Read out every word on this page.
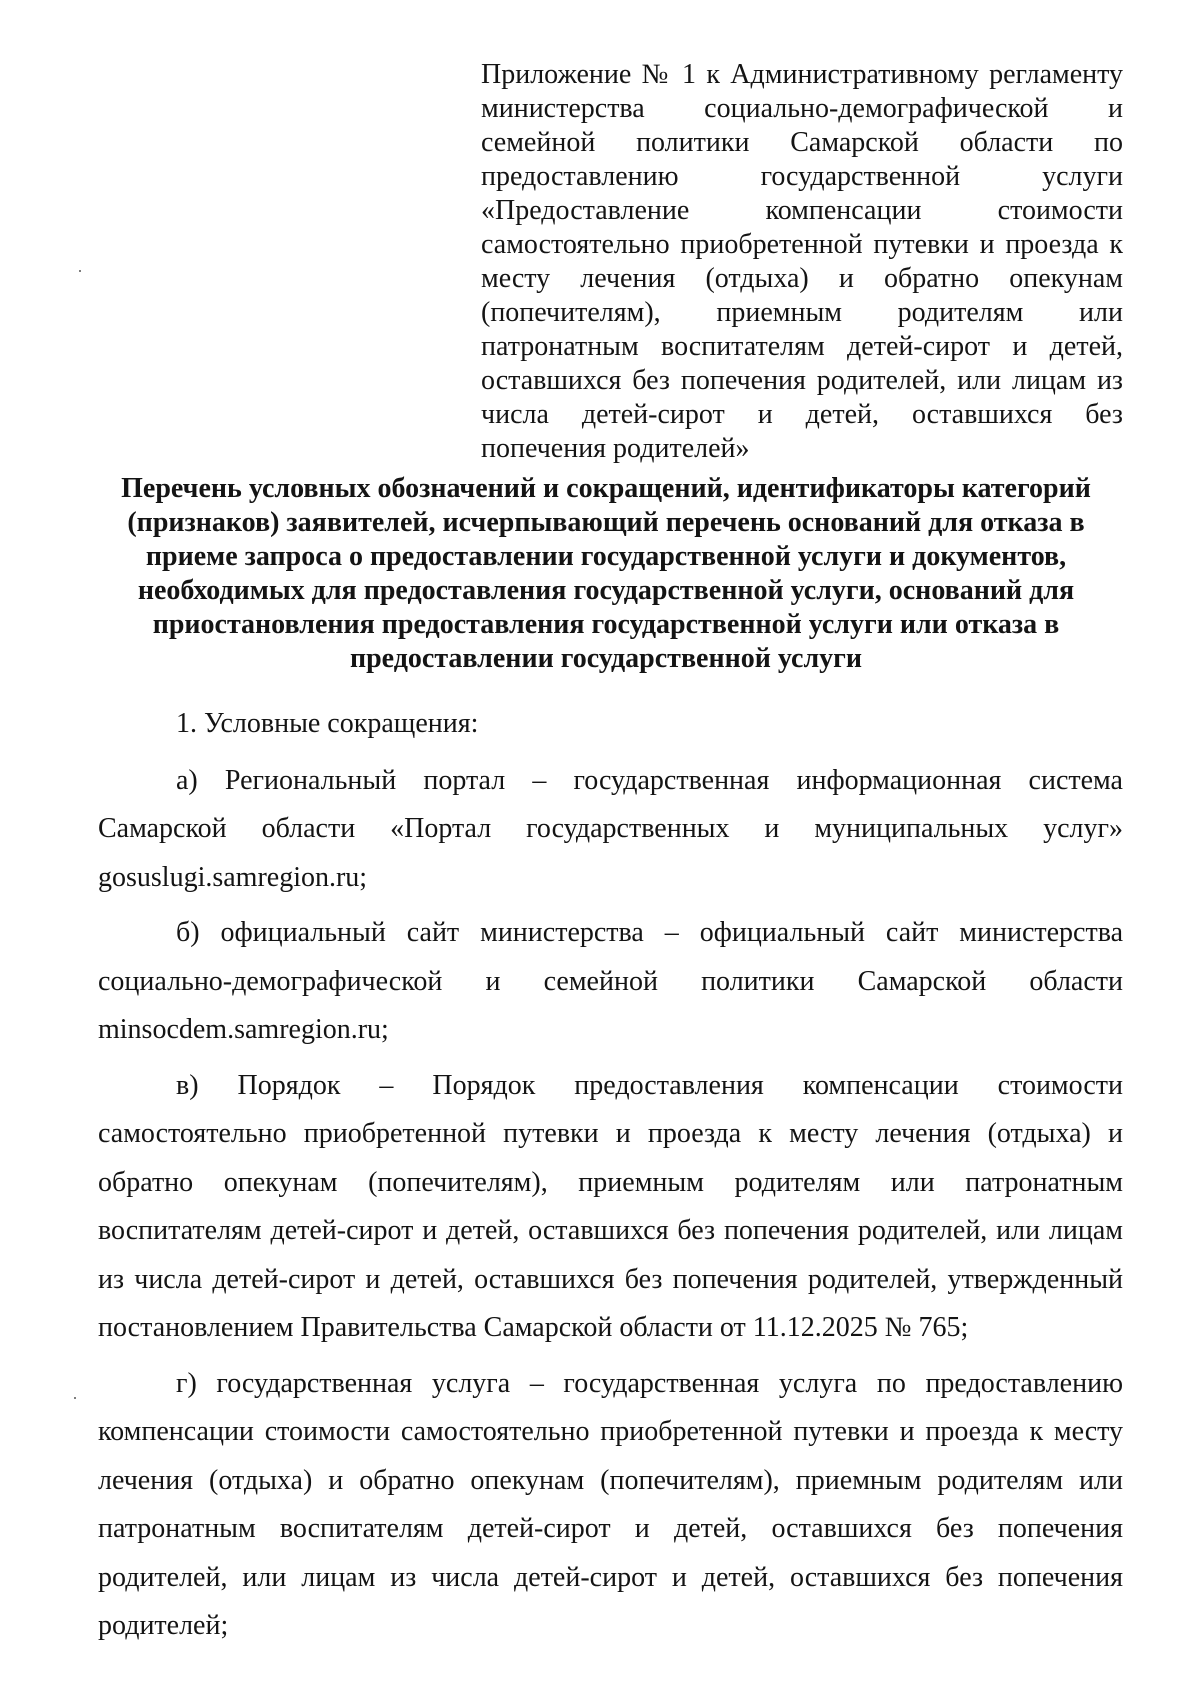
Приложение № 1 к Административному регламенту министерства социально-демографической и семейной политики Самарской области по предоставлению государственной услуги «Предоставление компенсации стоимости самостоятельно приобретенной путевки и проезда к месту лечения (отдыха) и обратно опекунам (попечителям), приемным родителям или патронатным воспитателям детей-сирот и детей, оставшихся без попечения родителей, или лицам из числа детей-сирот и детей, оставшихся без попечения родителей»
Перечень условных обозначений и сокращений, идентификаторы категорий (признаков) заявителей, исчерпывающий перечень оснований для отказа в приеме запроса о предоставлении государственной услуги и документов, необходимых для предоставления государственной услуги, оснований для приостановления предоставления государственной услуги или отказа в предоставлении государственной услуги

1. Условные сокращения:

а) Региональный портал – государственная информационная система Самарской области «Портал государственных и муниципальных услуг» gosuslugi.samregion.ru;

б) официальный сайт министерства – официальный сайт министерства социально-демографической и семейной политики Самарской области minsocdem.samregion.ru;

в) Порядок – Порядок предоставления компенсации стоимости самостоятельно приобретенной путевки и проезда к месту лечения (отдыха) и обратно опекунам (попечителям), приемным родителям или патронатным воспитателям детей-сирот и детей, оставшихся без попечения родителей, или лицам из числа детей-сирот и детей, оставшихся без попечения родителей, утвержденный постановлением Правительства Самарской области от 11.12.2025 № 765;

г) государственная услуга – государственная услуга по предоставлению компенсации стоимости самостоятельно приобретенной путевки и проезда к месту лечения (отдыха) и обратно опекунам (попечителям), приемным родителям или патронатным воспитателям детей-сирот и детей, оставшихся без попечения родителей, или лицам из числа детей-сирот и детей, оставшихся без попечения родителей;
